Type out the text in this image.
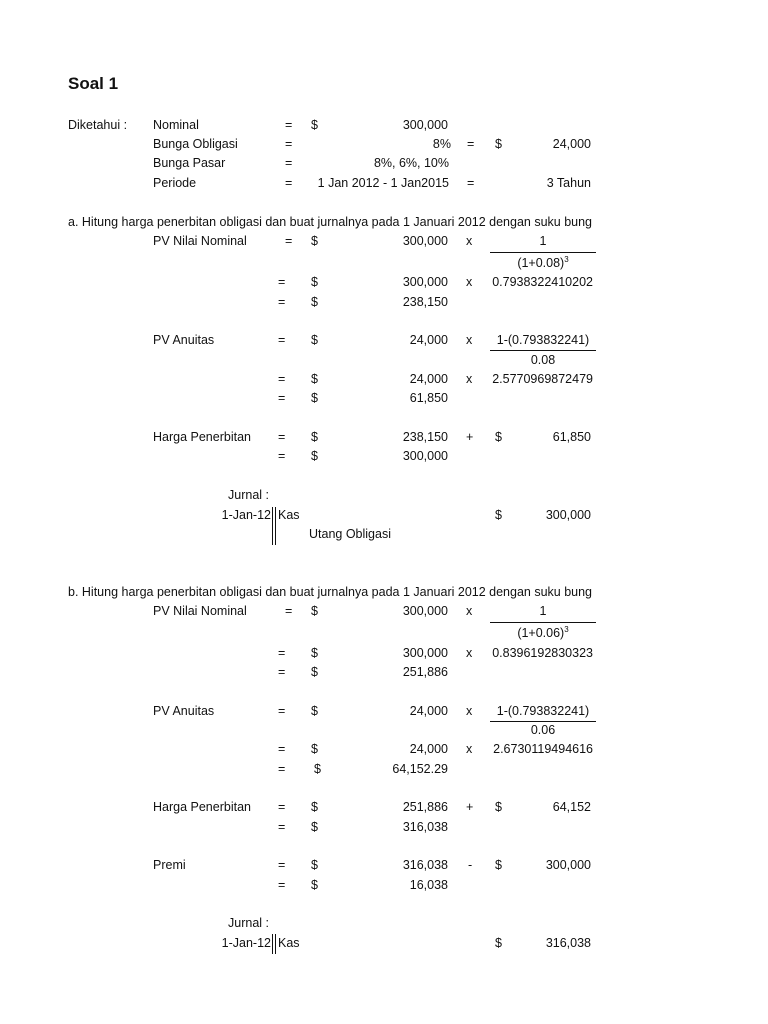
Soal 1
Diketahui : Nominal	= $	300,000
Bunga Obligasi	=	8% = $	24,000
Bunga Pasar	=	8%, 6%, 10%
Periode	=	1 Jan 2012 - 1 Jan2015 =	3 Tahun
a. Hitung harga penerbitan obligasi dan buat jurnalnya pada 1 Januari 2012 dengan suku bung
PV Nilai Nominal	= $	300,000 x	1
$(1+0.08)^3$
= $	300,000 x	0.7938322410202
= $	238,150
PV Anuitas	= $	24,000 x	1-(0.793832241)
0.08
= $	24,000 x	2.5770969872479
= $	61,850
Harga Penerbitan = $	238,150 + $	61,850
= $	300,000
Jurnal :
1-Jan-12 Kas	$	300,000
Utang Obligasi
b. Hitung harga penerbitan obligasi dan buat jurnalnya pada 1 Januari 2012 dengan suku bung
PV Nilai Nominal	= $	300,000 x	1
$(1+0.06)^3$
= $	300,000 x	0.8396192830323
= $	251,886
PV Anuitas	= $	24,000 x	1-(0.793832241)
0.06
= $	24,000 x	2.6730119494616
= $	64,152.29
Harga Penerbitan = $	251,886 + $	64,152
= $	316,038
Premi	= $	316,038 - $	300,000
= $	16,038
Jurnal :
1-Jan-12 Kas	$	316,038
